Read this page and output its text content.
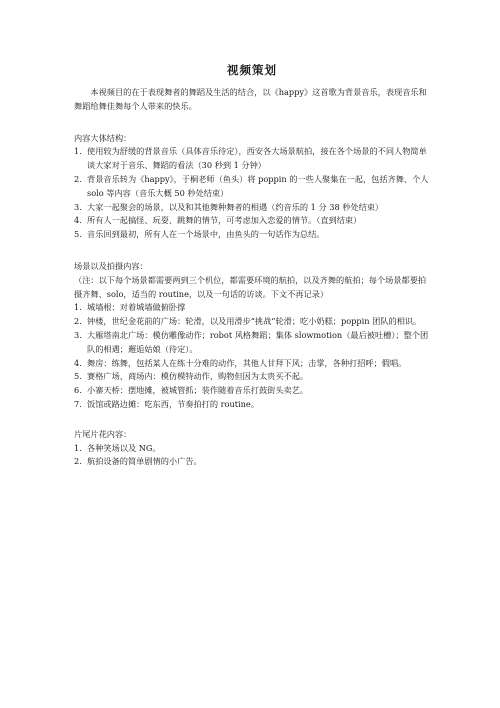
视频策划

本视频目的在于表现舞者的舞蹈及生活的结合，以《happy》这首歌为背景音乐，表现音乐和舞蹈给舞佳舞每个人带来的快乐。

内容大体结构：
1. 使用较为舒缓的背景音乐（具体音乐待定），西安各大场景航拍，接在各个场景的不同人物简单谈大家对于音乐、舞蹈的看法（30 秒到 1 分钟）
2. 背景音乐转为《happy》，于桐老师（鱼头）将 poppin 的一些人聚集在一起，包括齐舞、个人 solo 等内容（音乐大概 50 秒处结束）
3. 大家一起聚会的场景，以及和其他舞种舞者的相遇（约音乐的 1 分 38 秒处结束）
4. 所有人一起搞怪、玩耍、跳舞的情节，可考虑加入恋爱的情节。（直到结束）
5. 音乐回到最初，所有人在一个场景中，由鱼头的一句话作为总结。
场景以及拍摄内容：

（注：以下每个场景都需要两到三个机位，都需要环境的航拍，以及齐舞的航拍；每个场景都要拍摄齐舞、solo，适当的 routine，以及一句话的访谈。下文不再记录）

1. 城墙根：对着城墙做俯卧撑
2. 钟楼，世纪金花前的广场：轮滑，以及用滑步“挑战”轮滑；吃小奶糕；poppin 团队的相识。
3. 大雁塔南北广场：模仿雕像动作；robot 风格舞蹈；集体 slowmotion（最后被吐槽）；整个团队的相遇；邂逅姑娘（待定）。
4. 舞房：练舞，包括某人在练十分难的动作，其他人甘拜下风；击掌，各种打招呼；假唱。
5. 赛格广场、商场内：模仿模特动作，购物但因为太贵买不起。
6. 小寨天桥：摆地摊，被城管抓；装作随着音乐打鼓街头卖艺。
7. 饭馆或路边摊：吃东西，节奏拍打的 routine。
片尾片花内容：
1. 各种笑场以及 NG。
2. 航拍设备的简单剧情的小广告。
